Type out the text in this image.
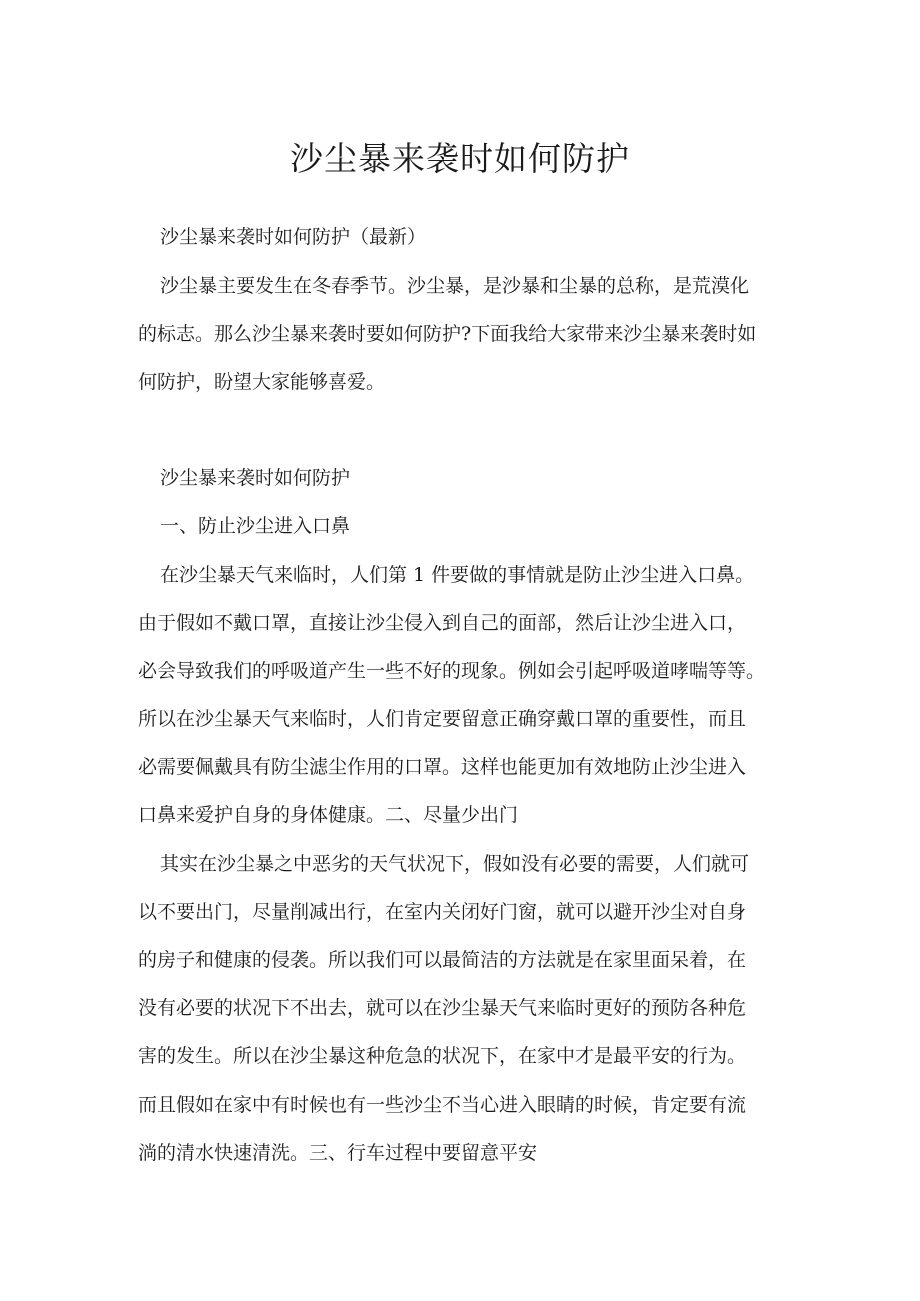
沙尘暴来袭时如何防护

沙尘暴来袭时如何防护（最新）

沙尘暴主要发生在冬春季节。沙尘暴，是沙暴和尘暴的总称，是荒漠化

的标志。那么沙尘暴来袭时要如何防护?下面我给大家带来沙尘暴来袭时如

何防护，盼望大家能够喜爱。

沙尘暴来袭时如何防护

一、防止沙尘进入口鼻

在沙尘暴天气来临时，人们第 1 件要做的事情就是防止沙尘进入口鼻。

由于假如不戴口罩，直接让沙尘侵入到自己的面部，然后让沙尘进入口，

必会导致我们的呼吸道产生一些不好的现象。例如会引起呼吸道哮喘等等。

所以在沙尘暴天气来临时，人们肯定要留意正确穿戴口罩的重要性，而且

必需要佩戴具有防尘滤尘作用的口罩。这样也能更加有效地防止沙尘进入

口鼻来爱护自身的身体健康。二、尽量少出门

其实在沙尘暴之中恶劣的天气状况下，假如没有必要的需要，人们就可

以不要出门，尽量削减出行，在室内关闭好门窗，就可以避开沙尘对自身

的房子和健康的侵袭。所以我们可以最简洁的方法就是在家里面呆着，在

没有必要的状况下不出去，就可以在沙尘暴天气来临时更好的预防各种危

害的发生。所以在沙尘暴这种危急的状况下，在家中才是最平安的行为。

而且假如在家中有时候也有一些沙尘不当心进入眼睛的时候，肯定要有流

淌的清水快速清洗。三、行车过程中要留意平安
